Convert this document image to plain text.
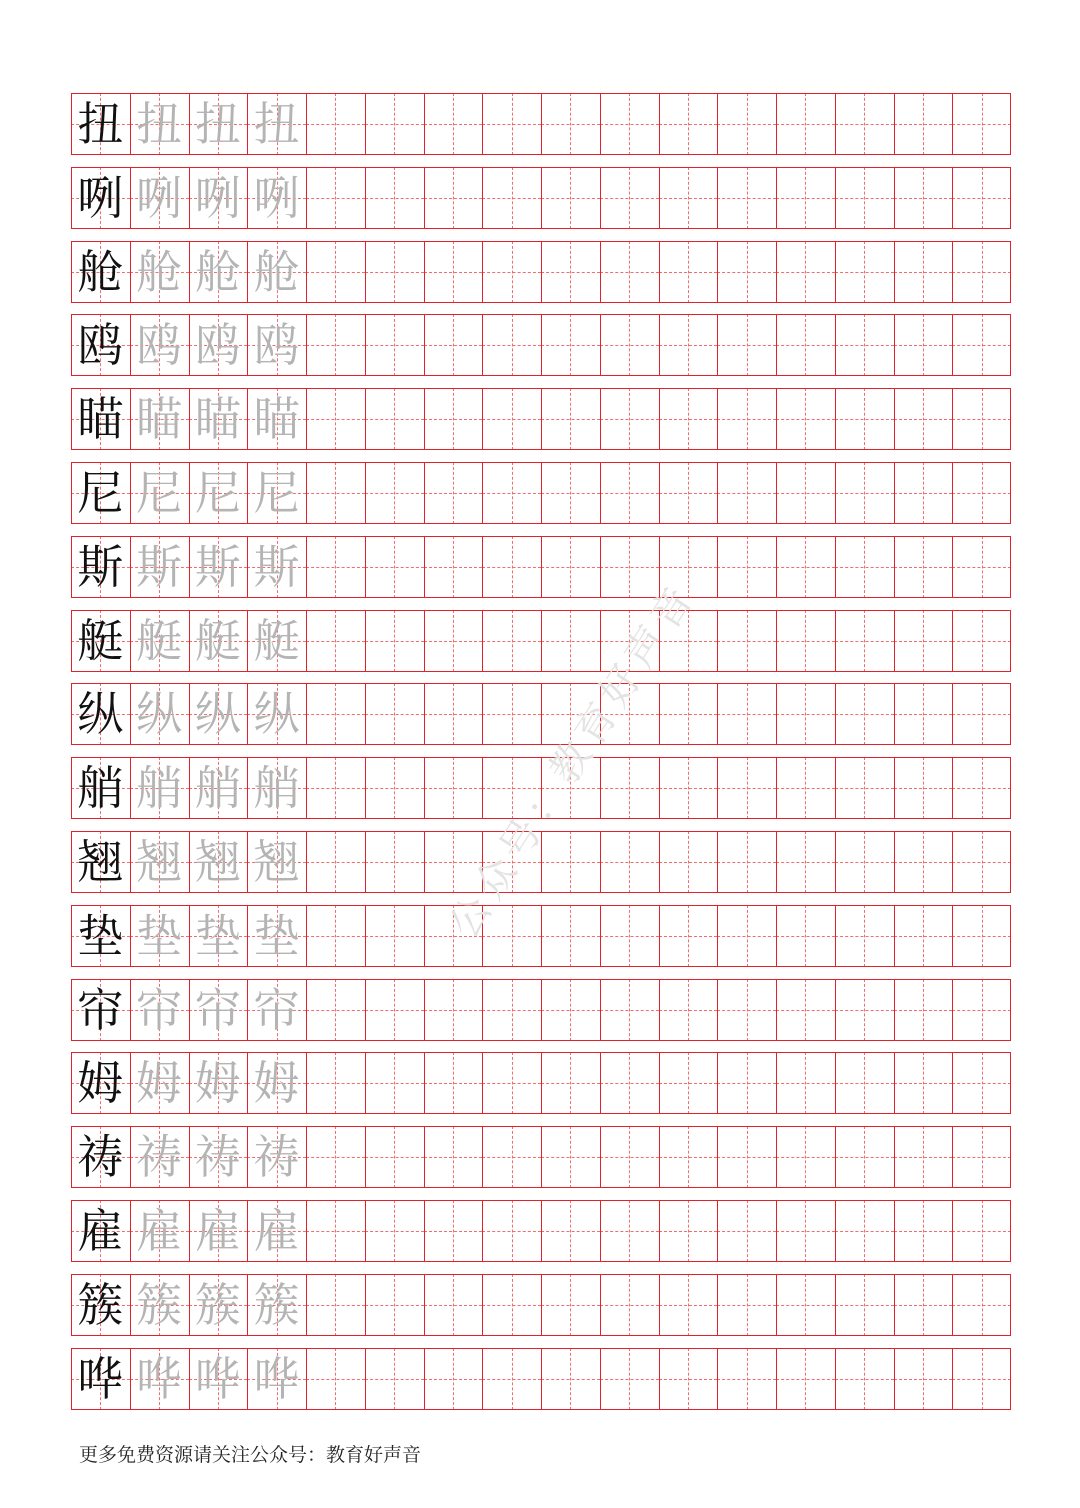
扭 扭 扭 扭
咧 咧 咧 咧
舱 舱 舱 舱
鸥 鸥 鸥 鸥
瞄 瞄 瞄 瞄
尼 尼 尼 尼
斯 斯 斯 斯
艇 艇 艇 艇
纵 纵 纵 纵
艄 艄 艄 艄
翘 翘 翘 翘
垫 垫 垫 垫
帘 帘 帘 帘
姆 姆 姆 姆
祷 祷 祷 祷
雇 雇 雇 雇
簇 簇 簇 簇
哗 哗 哗 哗
公众号：教育好声音
更多免费资源请关注公众号：教育好声音
